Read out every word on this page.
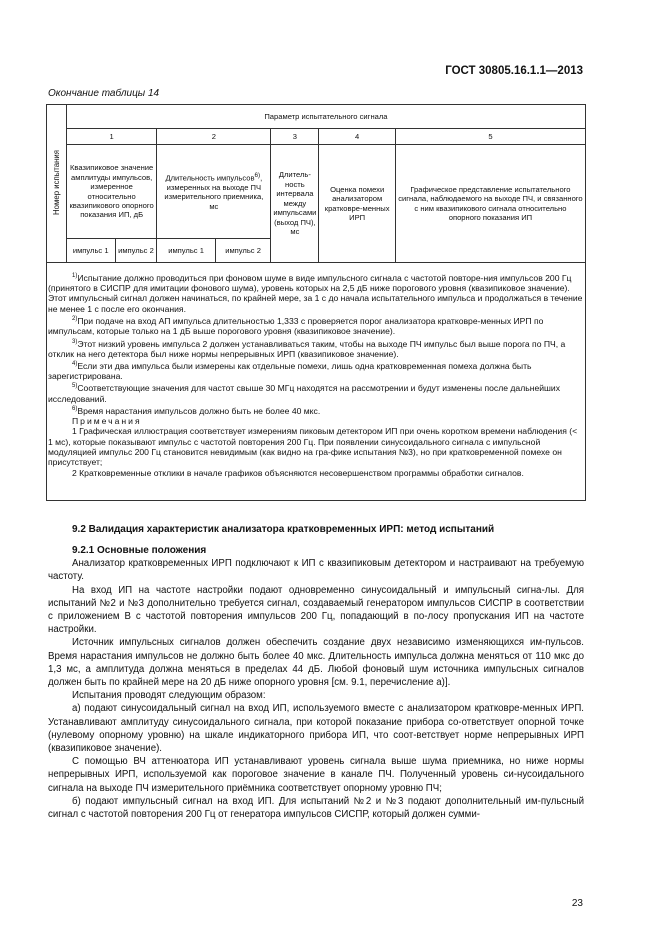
ГОСТ 30805.16.1.1—2013
Окончание таблицы 14
Номер испытания	Параметр испытательного сигнала						
	1		2		3	4	5
	Квазипиковое значение амплитуды импульсов, измеренное относительно квазипикового опорного показания ИП, дБ		Длительность импульсов$^{6)}$, измеренных на выходе ПЧ измерительного приемника, мс		Длитель-ность интервала между импульсами (выход ПЧ), мс	Оценка помехи анализатором кратковре-менных ИРП	Графическое представление испытательного сигнала, наблюдаемого на выходе ПЧ, и связанного с ним квазипикового сигнала относительно опорного показания ИП
	импульс 1	импульс 2	импульс 1	импульс 2			

$^{1)}$Испытание должно проводиться при фоновом шуме в виде импульсного сигнала с частотой повторе-ния импульсов 200 Гц (принятого в СИСПР для имитации фонового шума), уровень которых на 2,5 дБ ниже порогового уровня (квазипиковое значение). Этот импульсный сигнал должен начинаться, по крайней мере, за 1 с до начала испытательного импульса и продолжаться в течение не менее 1 с после его окончания.

$^{2)}$При подаче на вход АП импульса длительностью 1,333 с проверяется порог анализатора кратковре-менных ИРП по импульсам, которые только на 1 дБ выше порогового уровня (квазипиковое значение).

$^{3)}$Этот низкий уровень импульса 2 должен устанавливаться таким, чтобы на выходе ПЧ импульс был выше порога по ПЧ, а отклик на него детектора был ниже нормы непрерывных ИРП (квазипиковое значение).

$^{4)}$Если эти два импульса были измерены как отдельные помехи, лишь одна кратковременная помеха должна быть зарегистрирована.

$^{5)}$Соответствующие значения для частот свыше 30 МГц находятся на рассмотрении и будут изменены после дальнейших исследований.

$^{6)}$Время нарастания импульсов должно быть не более 40 мкс.

Примечания

1 Графическая иллюстрация соответствует измерениям пиковым детектором ИП при очень коротком времени наблюдения (< 1 мс), которые показывают импульс с частотой повторения 200 Гц. При появлении синусоидального сигнала с импульсной модуляцией импульс 200 Гц становится невидимым (как видно на гра-фике испытания №3), но при кратковременной помехе он присутствует;

2 Кратковременные отклики в начале графиков объясняются несовершенством программы обработки сигналов.

9.2 Валидация характеристик анализатора кратковременных ИРП: метод испытаний

9.2.1 Основные положения

Анализатор кратковременных ИРП подключают к ИП с квазипиковым детектором и настраивают на требуемую частоту.

На вход ИП на частоте настройки подают одновременно синусоидальный и импульсный сигна-лы. Для испытаний №2 и №3 дополнительно требуется сигнал, создаваемый генератором импульсов СИСПР в соответствии с приложением В с частотой повторения импульсов 200 Гц, попадающий в по-лосу пропускания ИП на частоте настройки.

Источник импульсных сигналов должен обеспечить создание двух независимо изменяющихся им-пульсов. Время нарастания импульсов не должно быть более 40 мкс. Длительность импульса должна меняться от 110 мкс до 1,3 мс, а амплитуда должна меняться в пределах 44 дБ. Любой фоновый шум источника импульсных сигналов должен быть по крайней мере на 20 дБ ниже опорного уровня [см. 9.1, перечисление а)].

Испытания проводят следующим образом:

а) подают синусоидальный сигнал на вход ИП, используемого вместе с анализатором кратковре-менных ИРП. Устанавливают амплитуду синусоидального сигнала, при которой показание прибора со-ответствует опорной точке (нулевому опорному уровню) на шкале индикаторного прибора ИП, что соот-ветствует норме непрерывных ИРП (квазипиковое значение).

С помощью ВЧ аттенюатора ИП устанавливают уровень сигнала выше шума приемника, но ниже нормы непрерывных ИРП, используемой как пороговое значение в канале ПЧ. Полученный уровень си-нусоидального сигнала на выходе ПЧ измерительного приёмника соответствует опорному уровню ПЧ;

б) подают импульсный сигнал на вход ИП. Для испытаний №2 и №3 подают дополнительный им-пульсный сигнал с частотой повторения 200 Гц от генератора импульсов СИСПР, который должен сумми-

23
